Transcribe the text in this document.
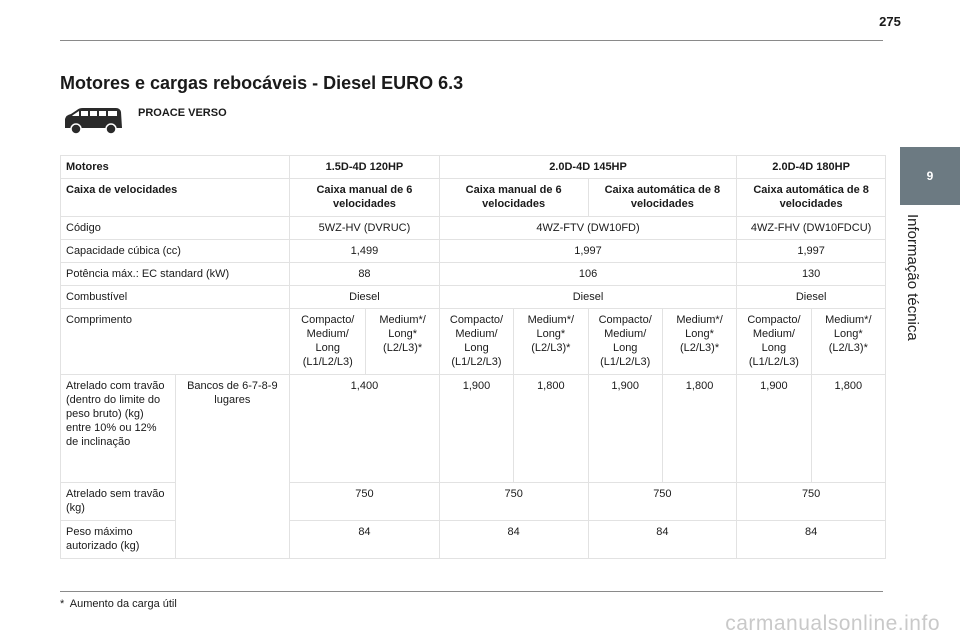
275
9
Informação técnica
Motores e cargas rebocáveis - Diesel EURO 6.3
PROACE VERSO
Motores		1.5D-4D 120HP		2.0D-4D 145HP				2.0D-4D 180HP	
Caixa de velocidades		Caixa manual de 6 velocidades		Caixa manual de 6 velocidades		Caixa automática de 8 velocidades		Caixa automática de 8 velocidades	
Código		5WZ-HV (DVRUC)		4WZ-FTV (DW10FD)				4WZ-FHV (DW10FDCU)	
Capacidade cúbica (cc)		1,499		1,997				1,997	
Potência máx.: EC standard (kW)		88		106				130	
Combustível		Diesel		Diesel				Diesel	
Comprimento		Compacto/ Medium/ Long (L1/L2/L3)	Medium*/ Long* (L2/L3)*	Compacto/ Medium/ Long (L1/L2/L3)	Medium*/ Long* (L2/L3)*	Compacto/ Medium/ Long (L1/L2/L3)	Medium*/ Long* (L2/L3)*	Compacto/ Medium/ Long (L1/L2/L3)	Medium*/ Long* (L2/L3)*
Atrelado com travão (dentro do limite do peso bruto) (kg) entre 10% ou 12% de inclinação	Bancos de 6-7-8-9 lugares	1,400		1,900	1,800	1,900	1,800	1,900	1,800
Atrelado sem travão (kg)		750		750		750		750	
Peso máximo autorizado (kg)		84		84		84		84	
* Aumento da carga útil
carmanualsonline.info
